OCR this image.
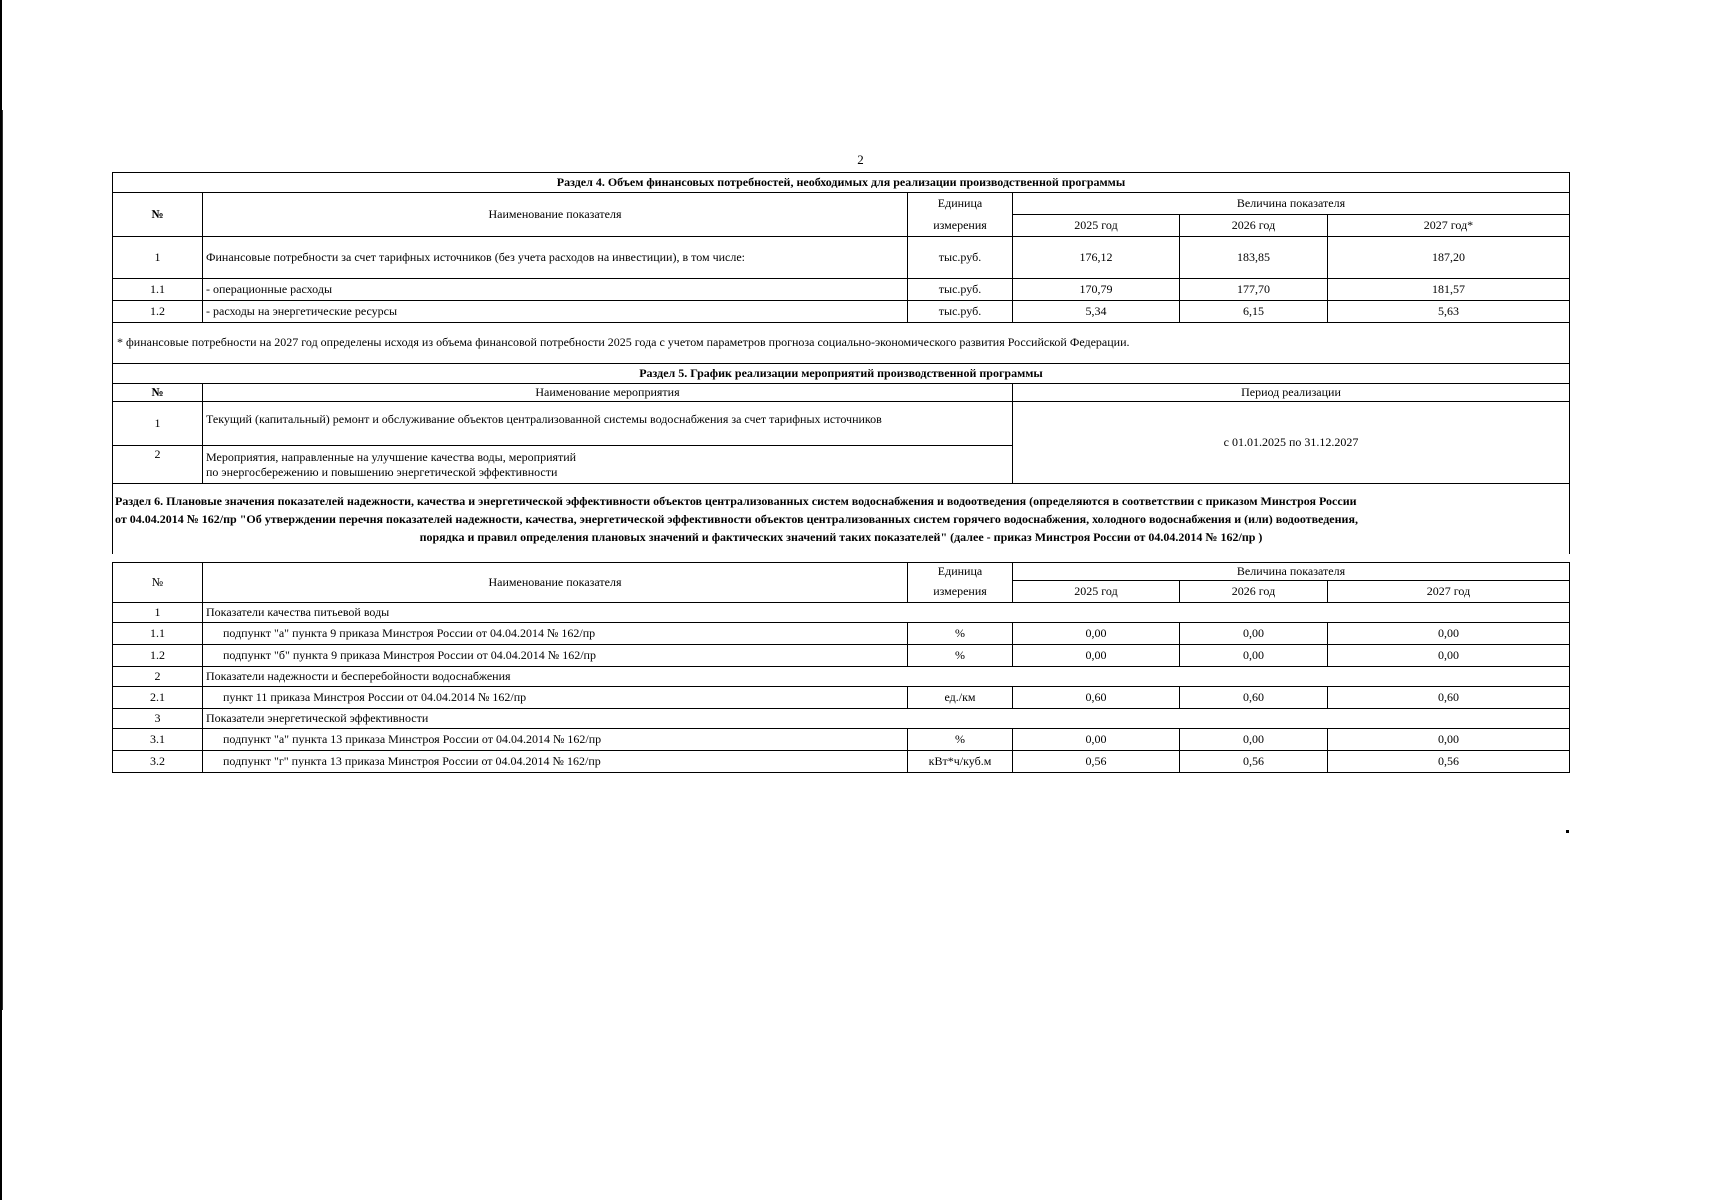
2
Раздел 4. Объем финансовых потребностей, необходимых для реализации производственной программы					
№	Наименование показателя	Единица	Величина показателя		
		измерения	2025 год	2026 год	2027 год*
1	Финансовые потребности за счет тарифных источников (без учета расходов на инвестиции), в том числе:	тыс.руб.	176,12	183,85	187,20
1.1	- операционные расходы	тыс.руб.	170,79	177,70	181,57
1.2	- расходы на энергетические ресурсы	тыс.руб.	5,34	6,15	5,63
* финансовые потребности на 2027 год определены исходя из объема финансовой потребности 2025 года с учетом параметров прогноза социально-экономического развития Российской Федерации.
Раздел 5. График реализации мероприятий производственной программы		
№	Наименование мероприятия	Период реализации
1	Текущий (капитальный) ремонт и обслуживание объектов централизованной системы водоснабжения за счет тарифных источников	с 01.01.2025 по 31.12.2027
2	Мероприятия, направленные на улучшение качества воды, мероприятий
по энергосбережению и повышению энергетической эффективности	
Раздел 6. Плановые значения показателей надежности, качества и энергетической эффективности объектов централизованных систем водоснабжения и водоотведения (определяются в соответствии с приказом Минстроя России
от 04.04.2014 № 162/пр "Об утверждении перечня показателей надежности, качества, энергетической эффективности объектов централизованных систем горячего водоснабжения, холодного водоснабжения и (или) водоотведения,
порядка и правил определения плановых значений и фактических значений таких показателей" (далее - приказ Минстроя России от 04.04.2014 № 162/пр )
№	Наименование показателя	Единица	Величина показателя		
		измерения	2025 год	2026 год	2027 год
1	Показатели качества питьевой воды				
1.1	подпункт "а" пункта 9 приказа Минстроя России от 04.04.2014 № 162/пр	%	0,00	0,00	0,00
1.2	подпункт "б" пункта 9 приказа Минстроя России от 04.04.2014 № 162/пр	%	0,00	0,00	0,00
2	Показатели надежности и бесперебойности водоснабжения				
2.1	пункт 11 приказа Минстроя России от 04.04.2014 № 162/пр	ед./км	0,60	0,60	0,60
3	Показатели энергетической эффективности				
3.1	подпункт "а" пункта 13 приказа Минстроя России от 04.04.2014 № 162/пр	%	0,00	0,00	0,00
3.2	подпункт "г" пункта 13 приказа Минстроя России от 04.04.2014 № 162/пр	кВт*ч/куб.м	0,56	0,56	0,56
